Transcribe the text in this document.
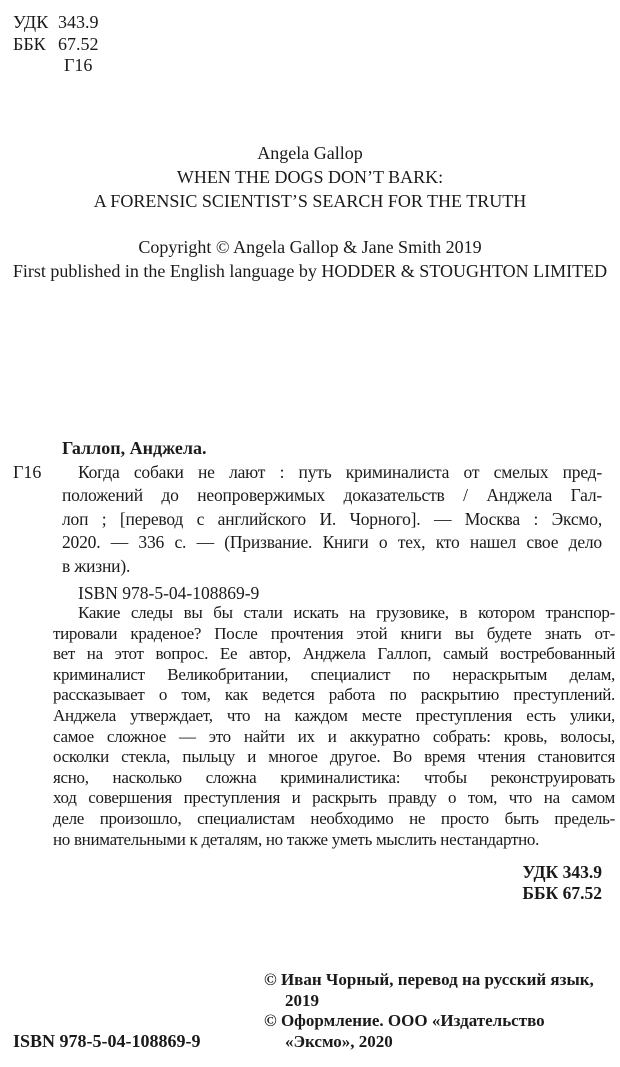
УДК 343.9
ББК 67.52
Г16
Angela Gallop
WHEN THE DOGS DON’T BARK:
A FORENSIC SCIENTIST’S SEARCH FOR THE TRUTH
Copyright © Angela Gallop & Jane Smith 2019
First published in the English language by HODDER & STOUGHTON LIMITED
Г16
Галлоп, Анджела.
Когда собаки не лают : путь криминалиста от смелых пред-
положений до неопровержимых доказательств / Анджела Гал-
лоп ; [перевод с английского И. Чорного]. — Москва : Эксмо,
2020. — 336 с. — (Призвание. Книги о тех, кто нашел свое дело
в жизни).
ISBN 978-5-04-108869-9
Какие следы вы бы стали искать на грузовике, в котором транспор-
тировали краденое? После прочтения этой книги вы будете знать от-
вет на этот вопрос. Ее автор, Анджела Галлоп, самый востребованный
криминалист Великобритании, специалист по нераскрытым делам,
рассказывает о том, как ведется работа по раскрытию преступлений.
Анджела утверждает, что на каждом месте преступления есть улики,
самое сложное — это найти их и аккуратно собрать: кровь, волосы,
осколки стекла, пыльцу и многое другое. Во время чтения становится
ясно, насколько сложна криминалистика: чтобы реконструировать
ход совершения преступления и раскрыть правду о том, что на самом
деле произошло, специалистам необходимо не просто быть предель-
но внимательными к деталям, но также уметь мыслить нестандартно.
УДК 343.9
ББК 67.52
© Иван Чорный, перевод на русский язык,
2019
© Оформление. ООО «Издательство
«Эксмо», 2020
ISBN 978-5-04-108869-9
